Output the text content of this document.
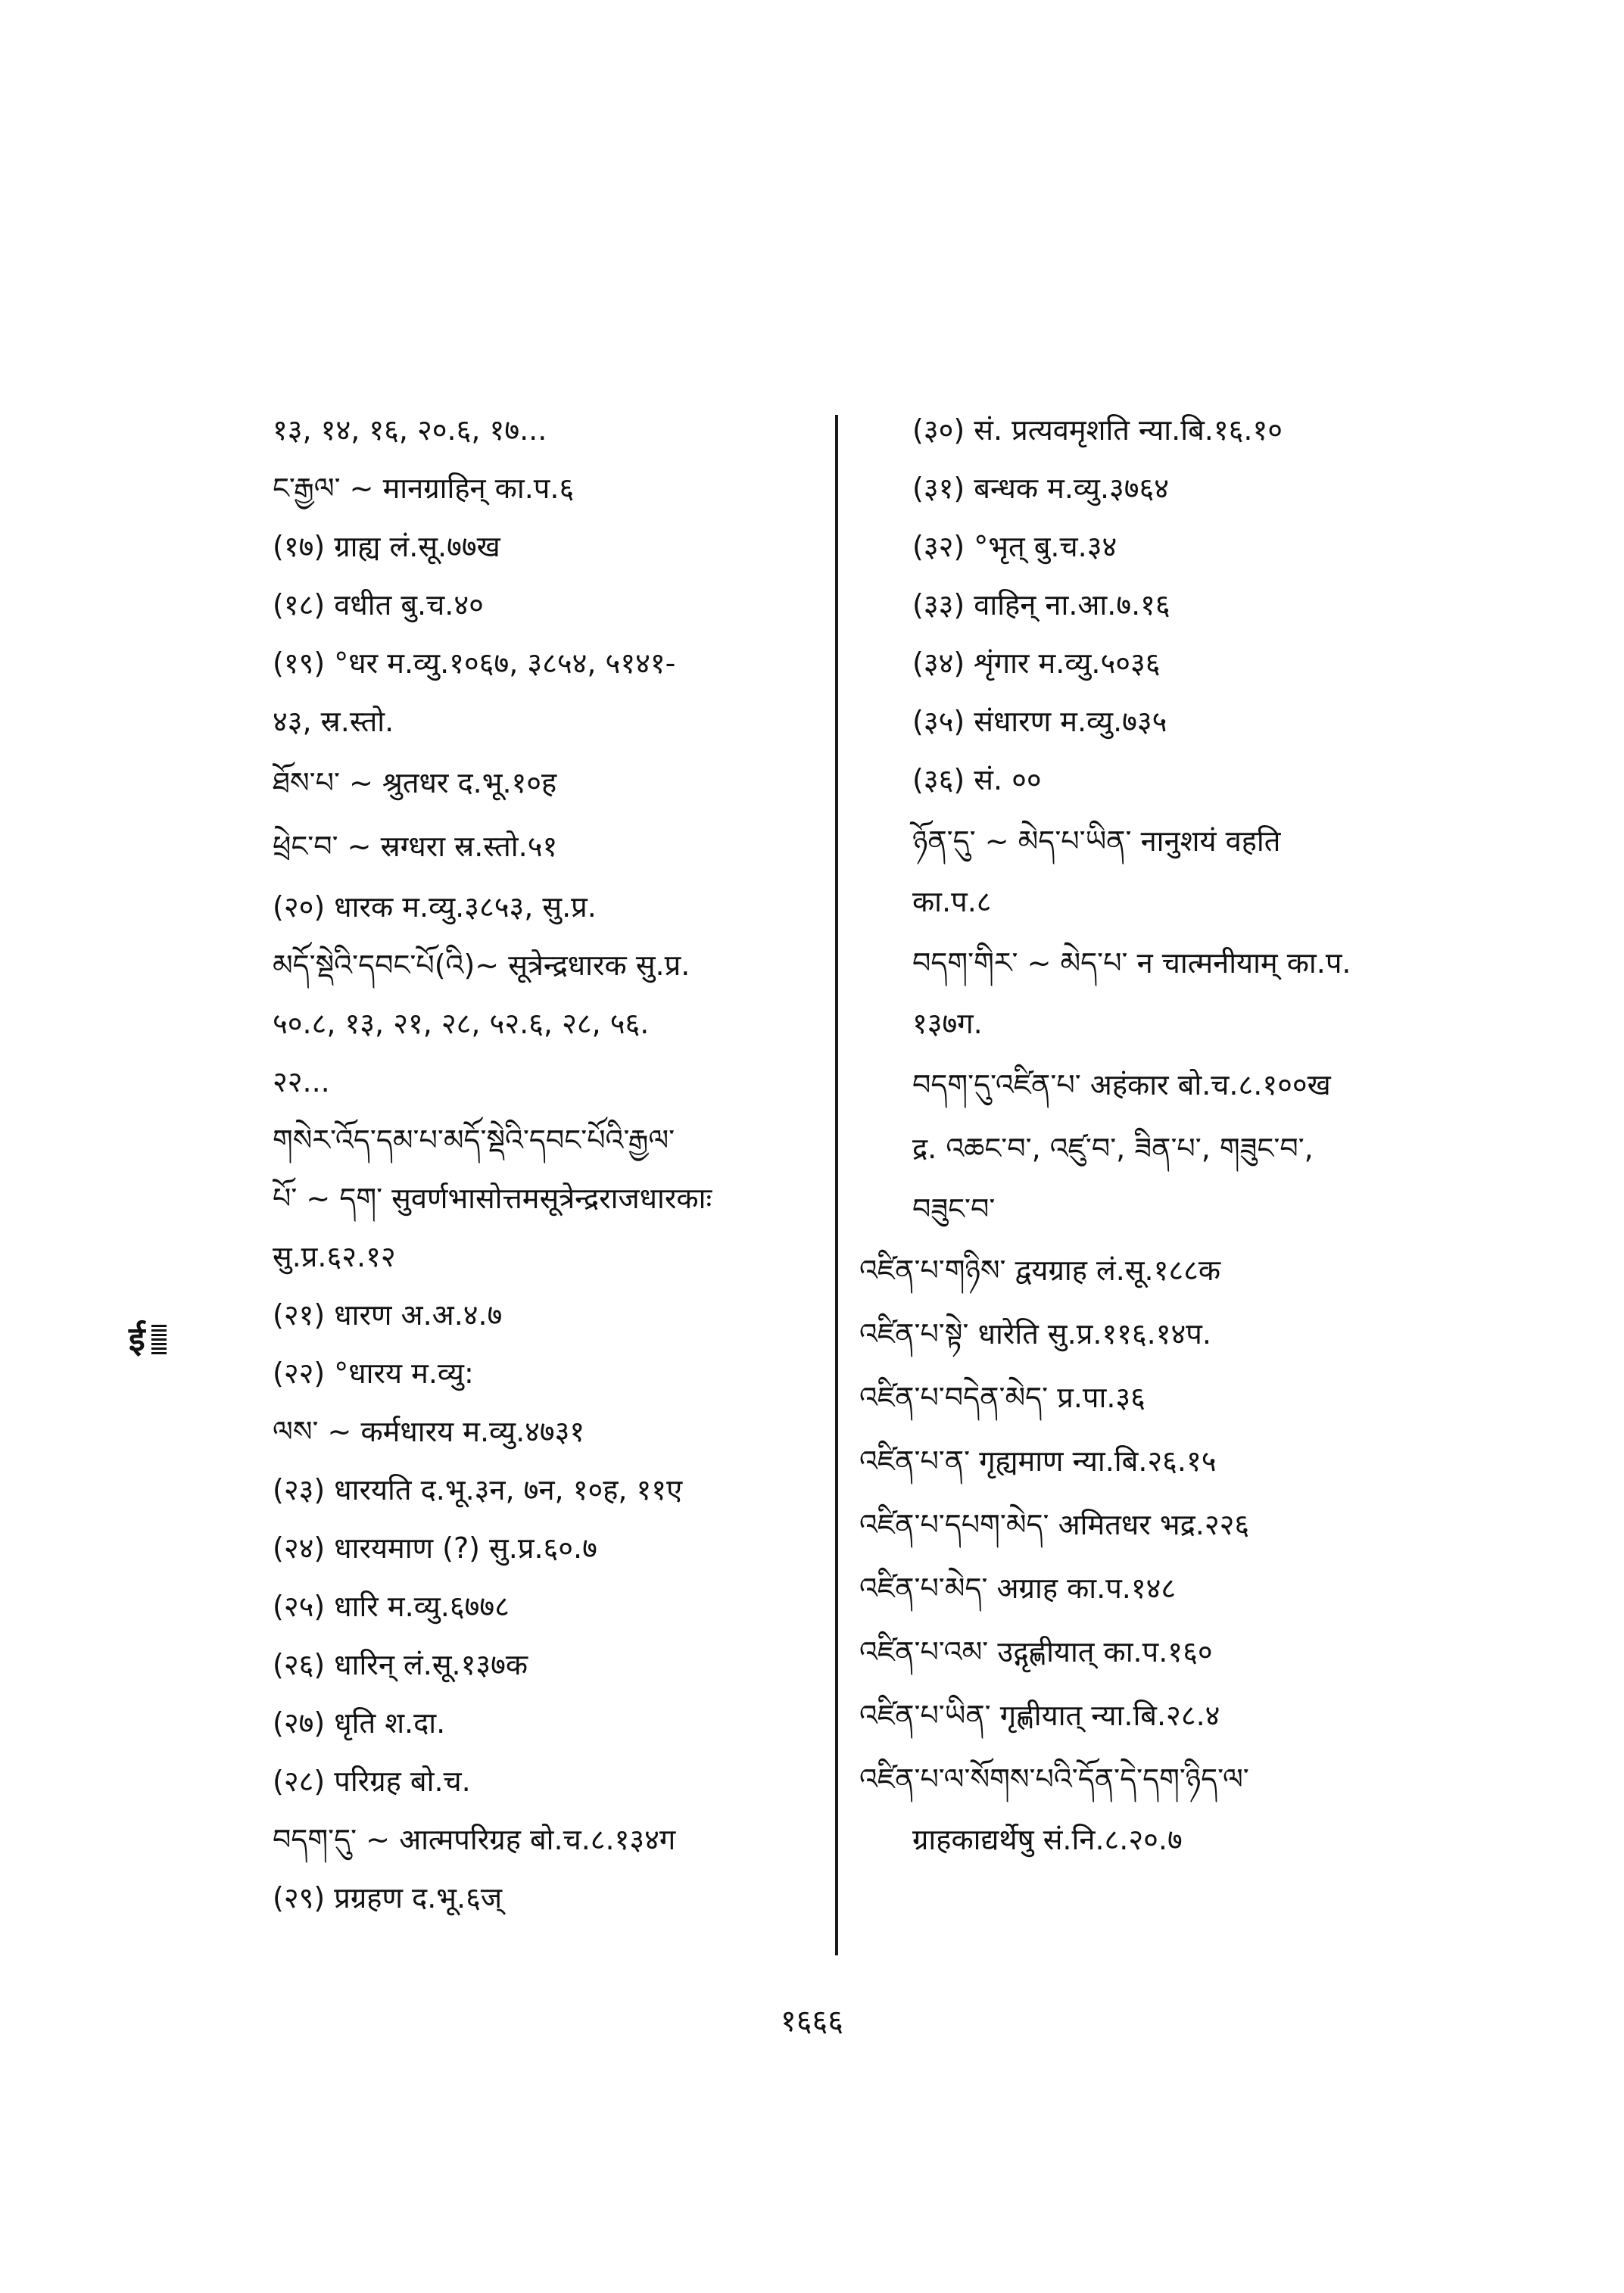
१३, १४, १६, २०.६, १७...
ང་རྒྱལ་ ~ मानग्राहिन् का.प.६
(१७) ग्राह्य लं.सू.७७ख
(१८) वधीत बु.च.४०
(१९) °धर म.व्यु.१०६७, ३८५४, ५१४१-
४३, स्र.स्तो.
ཐོས་པ་ ~ श्रुतधर द.भू.१०ह
ཕྲེང་བ་ ~ स्रग्धरा स्र.स्तो.५१
(२०) धारक म.व्यु.३८५३, सु.प्र.
མདོ་སྡེའི་དབང་པོ(འི)~ सूत्रेन्द्रधारक सु.प्र.
५०.८, १३, २१, २८, ५२.६, २८, ५६.
२२...
གསེར་འོད་དམ་པ་མདོ་སྡེའི་དབང་པོའི་རྒྱལ་
པོ་ ~ དག་ सुवर्णभासोत्तमसूत्रेन्द्रराजधारकाः
सु.प्र.६२.१२
(२१) धारण अ.अ.४.७
(२२) °धारय म.व्यु:
ལས་ ~ कर्मधारय म.व्यु.४७३१
(२३) धारयति द.भू.३न, ७न, १०ह, ११ए
(२४) धारयमाण (?) सु.प्र.६०.७
(२५) धारि म.व्यु.६७७८
(२६) धारिन् लं.सू.१३७क
(२७) धृति श.दा.
(२८) परिग्रह बो.च.
བདག་དུ་ ~ आत्मपरिग्रह बो.च.८.१३४ग
(२९) प्रग्रहण द.भू.६ज्
(३०) सं. प्रत्यवमृशति न्या.बि.१६.१०
(३१) बन्धक म.व्यु.३७६४
(३२) °भृत् बु.च.३४
(३३) वाहिन् ना.आ.७.१६
(३४) शृंगार म.व्यु.५०३६
(३५) संधारण म.व्यु.७३५
(३६) सं. ००
ཉོན་དུ་ ~ མེད་པ་ཡིན་ नानुशयं वहति
का.प.८
བདག་གིར་ ~ མེད་པ་ न चात्मनीयाम् का.प.
१३७ग.
བདག་དུ་འཛིན་པ་ अहंकार बो.च.८.१००ख
द्र. འཆང་བ་, འཛུ་བ་, ཟིན་པ་, གཟུང་བ་,
བཟུང་བ་
འཛིན་པ་གཉིས་ द्वयग्राह लं.सू.१८८क
འཛིན་པ་སྟེ་ धारेति सु.प्र.११६.१४प.
འཛིན་པ་བདེན་མེད་ प्र.पा.३६
འཛིན་པ་ན་ गृह्यमाण न्या.बि.२६.१५
འཛིན་པ་དཔག་མེད་ अमितधर भद्र.२२६
འཛིན་པ་མེད་ अग्राह का.प.१४८
འཛིན་པ་འམ་ उद्गृह्णीयात् का.प.१६०
འཛིན་པ་ཡིན་ गृह्णीयात् न्या.बि.२८.४
འཛིན་པ་ལ་སོགས་པའི་དོན་དེ་དག་ཉིད་ལ་
ग्राहकाद्यर्थेषु सं.नि.८.२०.७
ई
१६६६
